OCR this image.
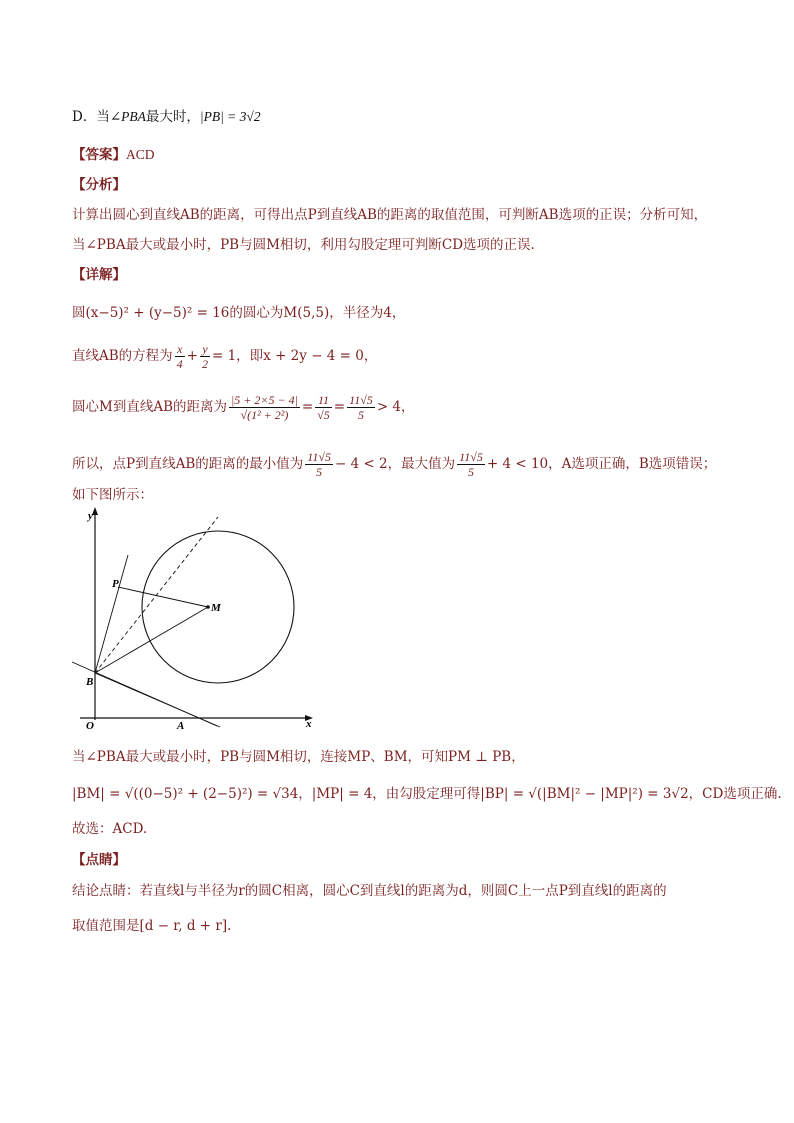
D．当∠PBA最大时，|PB| = 3√2
【答案】ACD
【分析】
计算出圆心到直线AB的距离，可得出点P到直线AB的距离的取值范围，可判断AB选项的正误；分析可知，
当∠PBA最大或最小时，PB与圆M相切，利用勾股定理可判断CD选项的正误.
【详解】
圆(x−5)² + (y−5)² = 16的圆心为M(5,5)，半径为4，
直线AB的方程为 $\frac{x}{4} + \frac{y}{2} = 1$，即x + 2y − 4 = 0，
圆心M到直线AB的距离为 $\frac{|5 + 2\times 5 - 4|}{\text{√(1² + 2²)}} = \frac{11}{√5} = \frac{11√5}{5} > 4$，
所以，点P到直线AB的距离的最小值为 $\frac{11√5}{5} - 4 < 2$，最大值为 $\frac{11√5}{5} + 4 < 10$，A选项正确，B选项错误；
如下图所示：
y
x
O	A
B
P
M
当∠PBA最大或最小时，PB与圆M相切，连接MP、BM，可知PM ⊥ PB，
|BM| = √((0−5)² + (2−5)²) = √34，|MP| = 4，由勾股定理可得|BP| = √(|BM|² − |MP|²) = 3√2，CD选项正确.
故选：ACD.
【点睛】
结论点睛：若直线l与半径为r的圆C相离，圆心C到直线l的距离为d，则圆C上一点P到直线l的距离的
取值范围是[d − r, d + r].
